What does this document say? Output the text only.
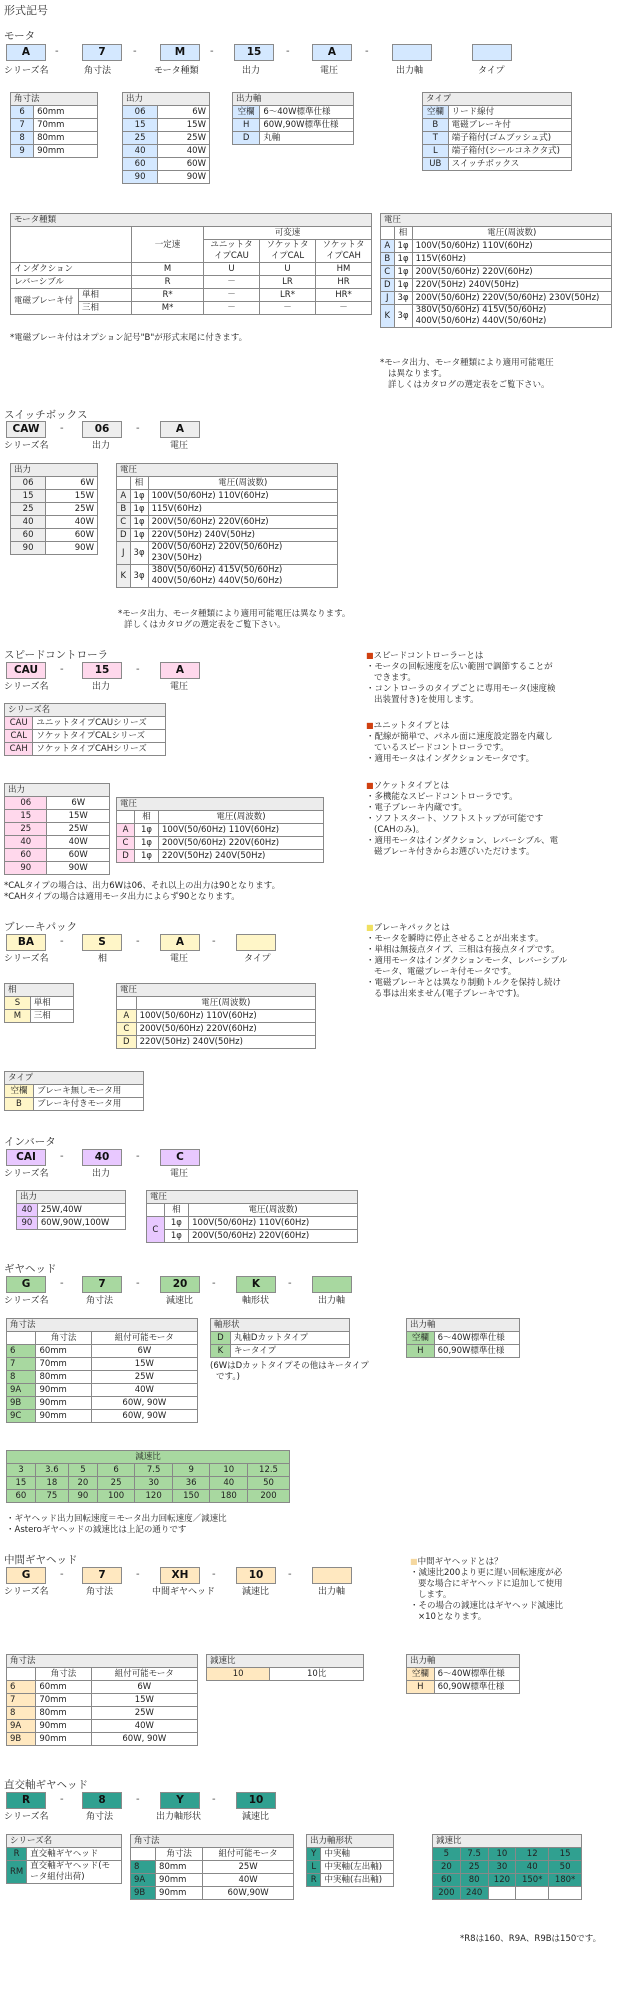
形式記号
モータ
A	-	7	-	M	-	15	-	A	-
シリーズ名	角寸法	モータ種類	出力	電圧	出力軸	タイプ
角寸法	
6	60mm
7	70mm
8	80mm
9	90mm
出力	
06	6W
15	15W
25	25W
40	40W
60	60W
90	90W
出力軸	
空欄	6～40W標準仕様
H	60W,90W標準仕様
D	丸軸
タイプ	
空欄	リード線付
B	電磁ブレーキ付
T	端子箱付(ゴムブッシュ式)
L	端子箱付(シールコネクタ式)
UB	スイッチボックス
モータ種類					
		一定速	可変速		
			ユニットタイプCAU	ソケットタイプCAL	ソケットタイプCAH
インダクション		M	U	U	HM
レバーシブル		R	－	LR	HR
電磁ブレーキ付	単相	R*	－	LR*	HR*
	三相	M*	－	－	－
*電磁ブレーキ付はオプション記号"B"が形式末尾に付きます。
電圧		
	相	電圧(周波数)
A	1φ	100V(50/60Hz) 110V(60Hz)
B	1φ	115V(60Hz)
C	1φ	200V(50/60Hz) 220V(60Hz)
D	1φ	220V(50Hz) 240V(50Hz)
J	3φ	200V(50/60Hz) 220V(50/60Hz) 230V(50Hz)
K	3φ	380V(50/60Hz) 415V(50/60Hz) 400V(50/60Hz) 440V(50/60Hz)
*モータ出力、モータ種類により適用可能電圧
は異なります。
詳しくはカタログの選定表をご覧下さい。
スイッチボックス
CAW	-	06	-	A
シリーズ名	出力	電圧
出力	
06	6W
15	15W
25	25W
40	40W
60	60W
90	90W
電圧		
	相	電圧(周波数)
A	1φ	100V(50/60Hz) 110V(60Hz)
B	1φ	115V(60Hz)
C	1φ	200V(50/60Hz) 220V(60Hz)
D	1φ	220V(50Hz) 240V(50Hz)
J	3φ	200V(50/60Hz) 220V(50/60Hz) 230V(50Hz)
K	3φ	380V(50/60Hz) 415V(50/60Hz) 400V(50/60Hz) 440V(50/60Hz)
*モータ出力、モータ種類により適用可能電圧は異なります。
詳しくはカタログの選定表をご覧下さい。
スピードコントローラ
CAU	-	15	-	A
シリーズ名	出力	電圧
シリーズ名	
CAU	ユニットタイプCAUシリーズ
CAL	ソケットタイプCALシリーズ
CAH	ソケットタイプCAHシリーズ
出力	
06	6W
15	15W
25	25W
40	40W
60	60W
90	90W
電圧		
	相	電圧(周波数)
A	1φ	100V(50/60Hz) 110V(60Hz)
C	1φ	200V(50/60Hz) 220V(60Hz)
D	1φ	220V(50Hz) 240V(50Hz)
*CALタイプの場合は、出力6Wは06、それ以上の出力は90となります。
*CAHタイプの場合は適用モータ出力によらず90となります。
■スピードコントローラーとは
・モータの回転速度を広い範囲で調節することが
できます。
・コントローラのタイプごとに専用モータ(速度検
出装置付き)を使用します。
■ユニットタイプとは
・配線が簡単で、パネル面に速度設定器を内蔵し
ているスピードコントローラです。
・適用モータはインダクションモータです。
■ソケットタイプとは
・多機能なスピードコントローラです。
・電子ブレーキ内蔵です。
・ソフトスタート、ソフトストップが可能です
(CAHのみ)。
・適用モータはインダクション、レバーシブル、電
磁ブレーキ付きからお選びいただけます。
ブレーキパック
BA	-	S	-	A	-
シリーズ名	相	電圧	タイプ
相	
S	単相
M	三相
電圧	
	電圧(周波数)
A	100V(50/60Hz) 110V(60Hz)
C	200V(50/60Hz) 220V(60Hz)
D	220V(50Hz) 240V(50Hz)
タイプ	
空欄	ブレーキ無しモータ用
B	ブレーキ付きモータ用
■ブレーキパックとは
・モータを瞬時に停止させることが出来ます。
・単相は無接点タイプ、三相は有接点タイプです。
・適用モータはインダクションモータ、レバーシブル
モータ、電磁ブレーキ付モータです。
・電磁ブレーキとは異なり制動トルクを保持し続け
る事は出来ません(電子ブレーキです)。
インバータ
CAI	-	40	-	C
シリーズ名	出力	電圧
出力	
40	25W,40W
90	60W,90W,100W
電圧		
	相	電圧(周波数)
C	1φ	100V(50/60Hz) 110V(60Hz)
	1φ	200V(50/60Hz) 220V(60Hz)
ギヤヘッド
G	-	7	-	20	-	K	-
シリーズ名	角寸法	減速比	軸形状	出力軸
角寸法		
	角寸法	組付可能モータ
6	60mm	6W
7	70mm	15W
8	80mm	25W
9A	90mm	40W
9B	90mm	60W, 90W
9C	90mm	60W, 90W
軸形状	
D	丸軸Dカットタイプ
K	キータイプ
(6WはDカットタイプその他はキータイプ
です。)
出力軸	
空欄	6～40W標準仕様
H	60,90W標準仕様
減速比							
3	3.6	5	6	7.5	9	10	12.5
15	18	20	25	30	36	40	50
60	75	90	100	120	150	180	200
・ギヤヘッド出力回転速度＝モータ出力回転速度／減速比
・Asteroギヤヘッドの減速比は上記の通りです
中間ギヤヘッド
G	-	7	-	XH	-	10	-
シリーズ名	角寸法	中間ギヤヘッド	減速比	出力軸
■中間ギヤヘッドとは？
・減速比200より更に遅い回転速度が必
要な場合にギヤヘッドに追加して使用
します。
・その場合の減速比はギヤヘッド減速比
×10となります。
角寸法		
	角寸法	組付可能モータ
6	60mm	6W
7	70mm	15W
8	80mm	25W
9A	90mm	40W
9B	90mm	60W, 90W
減速比
10	10比
出力軸	
空欄	6～40W標準仕様
H	60,90W標準仕様
直交軸ギヤヘッド
R	-	8	-	Y	-	10
シリーズ名	角寸法	出力軸形状	減速比
シリーズ名	
R	直交軸ギヤヘッド
RM	直交軸ギヤヘッド(モータ組付出荷)
角寸法		
	角寸法	組付可能モータ
8	80mm	25W
9A	90mm	40W
9B	90mm	60W,90W
出力軸形状	
Y	中実軸
L	中実軸(左出軸)
R	中実軸(右出軸)
減速比				
5	7.5	10	12	15
20	25	30	40	50
60	80	120	150*	180*
200	240			
*R8は160、R9A、R9Bは150です。
